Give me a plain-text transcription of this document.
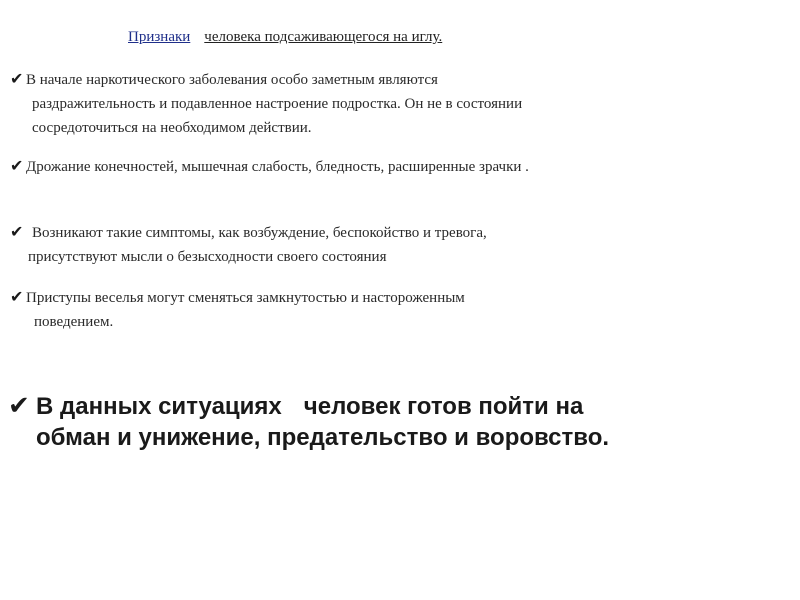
Признаки человека подсаживающегося на иглу.
✔ В начале наркотического заболевания особо заметным являются
раздражительность и подавленное настроение подростка. Он не в состоянии
сосредоточиться на необходимом действии.
✔ Дрожание конечностей, мышечная слабость, бледность, расширенные зрачки .
✔ Возникают такие симптомы, как возбуждение, беспокойство и тревога,
присутствуют мысли о безысходности своего состояния
✔ Приступы веселья могут сменяться замкнутостью и настороженным
поведением.
✔ В данных ситуациях человек готов пойти на
обман и унижение, предательство и воровство.
